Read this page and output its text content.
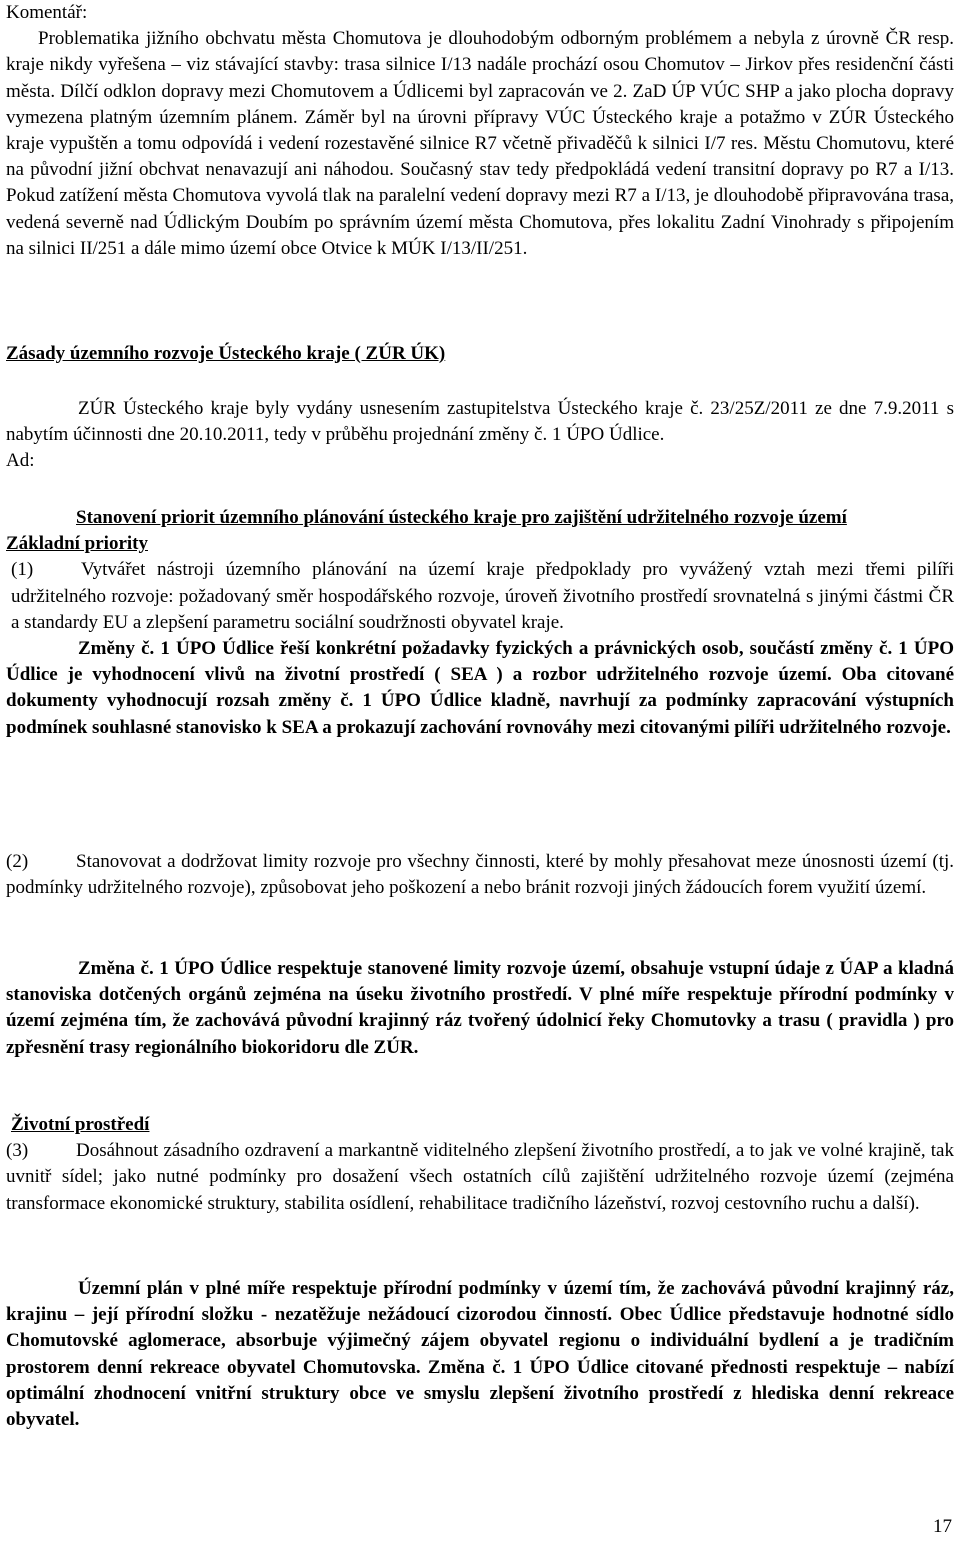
Komentář:

Problematika jižního obchvatu města Chomutova je dlouhodobým odborným problémem a nebyla z úrovně ČR resp. kraje nikdy vyřešena – viz stávající stavby: trasa silnice I/13 nadále prochází osou Chomutov – Jirkov přes residenční části města. Dílčí odklon dopravy mezi Chomutovem a Údlicemi byl zapracován ve 2. ZaD ÚP VÚC SHP a jako plocha dopravy vymezena platným územním plánem. Záměr byl na úrovni přípravy VÚC Ústeckého kraje a potažmo v ZÚR Ústeckého kraje vypuštěn a tomu odpovídá i vedení rozestavěné silnice R7 včetně přivaděčů k silnici I/7 res. Městu Chomutovu, které na původní jižní obchvat nenavazují ani náhodou. Současný stav tedy předpokládá vedení transitní dopravy po R7 a I/13. Pokud zatížení města Chomutova vyvolá tlak na paralelní vedení dopravy mezi R7 a I/13, je dlouhodobě připravována trasa, vedená severně nad Údlickým Doubím po správním území města Chomutova, přes lokalitu Zadní Vinohrady s připojením na silnici II/251 a dále mimo území obce Otvice k MÚK I/13/II/251.

Zásady územního rozvoje Ústeckého kraje ( ZÚR ÚK)

ZÚR Ústeckého kraje byly vydány usnesením zastupitelstva Ústeckého kraje č. 23/25Z/2011 ze dne 7.9.2011 s nabytím účinnosti dne 20.10.2011, tedy v průběhu projednání změny č. 1 ÚPO Údlice.

Ad:

Stanovení priorit územního plánování ústeckého kraje pro zajištění udržitelného rozvoje území

Základní priority

(1)	Vytvářet nástroji územního plánování na území kraje předpoklady pro vyvážený vztah mezi třemi pilíři udržitelného rozvoje: požadovaný směr hospodářského rozvoje, úroveň životního prostředí srovnatelná s jinými částmi ČR a standardy EU a zlepšení parametru sociální soudržnosti obyvatel kraje.

Změny č. 1 ÚPO Údlice řeší konkrétní požadavky fyzických a právnických osob, součástí změny č. 1 ÚPO Údlice je vyhodnocení vlivů na životní prostředí ( SEA ) a rozbor udržitelného rozvoje území. Oba citované dokumenty vyhodnocují rozsah změny č. 1 ÚPO Údlice kladně, navrhují za podmínky zapracování výstupních podmínek souhlasné stanovisko k SEA a prokazují zachování rovnováhy mezi citovanými pilíři udržitelného rozvoje.

(2)	Stanovovat a dodržovat limity rozvoje pro všechny činnosti, které by mohly přesahovat meze únosnosti území (tj. podmínky udržitelného rozvoje), způsobovat jeho poškození a nebo bránit rozvoji jiných žádoucích forem využití území.

Změna č. 1 ÚPO Údlice respektuje stanovené limity rozvoje území, obsahuje vstupní údaje z ÚAP a kladná stanoviska dotčených orgánů zejména na úseku životního prostředí. V plné míře respektuje přírodní podmínky v území zejména tím, že zachovává původní krajinný ráz tvořený údolnicí řeky Chomutovky a trasu ( pravidla ) pro zpřesnění trasy regionálního biokoridoru dle ZÚR.

Životní prostředí

(3)	Dosáhnout zásadního ozdravení a markantně viditelného zlepšení životního prostředí, a to jak ve volné krajině, tak uvnitř sídel; jako nutné podmínky pro dosažení všech ostatních cílů zajištění udržitelného rozvoje území (zejména transformace ekonomické struktury, stabilita osídlení, rehabilitace tradičního lázeňství, rozvoj cestovního ruchu a další).

Územní plán v plné míře respektuje přírodní podmínky v území tím, že zachovává původní krajinný ráz, krajinu – její přírodní složku - nezatěžuje nežádoucí cizorodou činností. Obec Údlice představuje hodnotné sídlo Chomutovské aglomerace, absorbuje výjimečný zájem obyvatel regionu o individuální bydlení a je tradičním prostorem denní rekreace obyvatel Chomutovska. Změna č. 1 ÚPO Údlice citované přednosti respektuje – nabízí optimální zhodnocení vnitřní struktury obce ve smyslu zlepšení životního prostředí z hlediska denní rekreace obyvatel.

17
